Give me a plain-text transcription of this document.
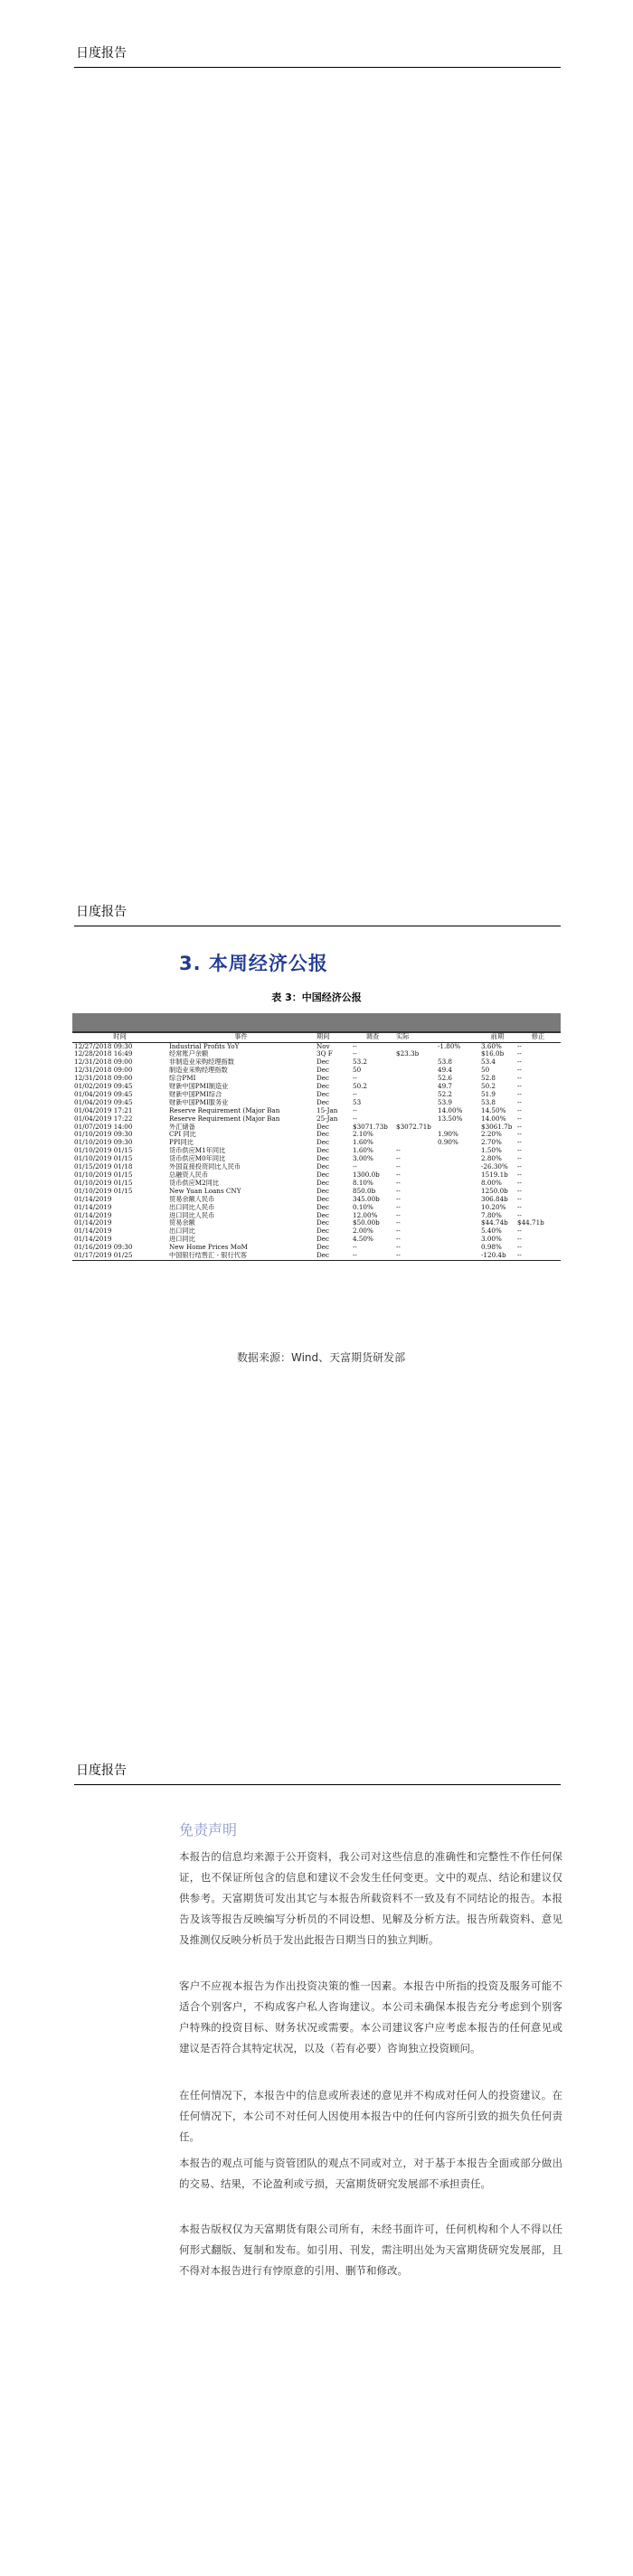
日度报告
日度报告
3. 本周经济公报
表 3：中国经济公报
时间	事件	期间	调查	实际		前期	修正
12/27/2018 09:30	Industrial Profits YoY	Nov	--		-1.80%	3.60%	--
12/28/2018 16:49	经常账户余额	3Q F	--	$23.3b		$16.0b	--
12/31/2018 09:00	非制造业采购经理指数	Dec	53.2		53.8	53.4	--
12/31/2018 09:00	制造业采购经理指数	Dec	50		49.4	50	--
12/31/2018 09:00	综合PMI	Dec	--		52.6	52.8	--
01/02/2019 09:45	财新中国PMI制造业	Dec	50.2		49.7	50.2	--
01/04/2019 09:45	财新中国PMI综合	Dec	--		52.2	51.9	--
01/04/2019 09:45	财新中国PMI服务业	Dec	53		53.9	53.8	--
01/04/2019 17:21	Reserve Requirement (Major Ban	15-Jan	--		14.00%	14.50%	--
01/04/2019 17:22	Reserve Requirement (Major Ban	25-Jan	--		13.50%	14.00%	--
01/07/2019 14:00	外汇储备	Dec	$3071.73b	$3072.71b		$3061.7b	--
01/10/2019 09:30	CPI 同比	Dec	2.10%		1.90%	2.20%	--
01/10/2019 09:30	PPI同比	Dec	1.60%		0.90%	2.70%	--
01/10/2019 01/15	货币供应M1年同比	Dec	1.60%	--		1.50%	--
01/10/2019 01/15	货币供应M0年同比	Dec	3.00%	--		2.80%	--
01/15/2019 01/18	外国直接投资同比人民币	Dec	--	--		-26.30%	--
01/10/2019 01/15	总融资人民币	Dec	1300.0b	--		1519.1b	--
01/10/2019 01/15	货币供应M2同比	Dec	8.10%	--		8.00%	--
01/10/2019 01/15	New Yuan Loans CNY	Dec	850.0b	--		1250.0b	--
01/14/2019	贸易余额人民币	Dec	345.00b	--		306.84b	--
01/14/2019	出口同比人民币	Dec	0.10%	--		10.20%	--
01/14/2019	进口同比人民币	Dec	12.00%	--		7.80%	--
01/14/2019	贸易余额	Dec	$50.00b	--		$44.74b	$44.71b
01/14/2019	出口同比	Dec	2.00%	--		5.40%	--
01/14/2019	进口同比	Dec	4.50%	--		3.00%	--
01/16/2019 09:30	New Home Prices MoM	Dec	--	--		0.98%	--
01/17/2019 01/25	中国银行结售汇 - 银行代客	Dec	--	--		-120.4b	--
数据来源：Wind、天富期货研发部
日度报告
免责声明
本报告的信息均来源于公开资料，我公司对这些信息的准确性和完整性不作任何保证，也不保证所包含的信息和建议不会发生任何变更。文中的观点、结论和建议仅供参考。天富期货可发出其它与本报告所载资料不一致及有不同结论的报告。本报告及该等报告反映编写分析员的不同设想、见解及分析方法。报告所载资料、意见及推测仅反映分析员于发出此报告日期当日的独立判断。
客户不应视本报告为作出投资决策的惟一因素。本报告中所指的投资及服务可能不适合个别客户，不构成客户私人咨询建议。本公司未确保本报告充分考虑到个别客户特殊的投资目标、财务状况或需要。本公司建议客户应考虑本报告的任何意见或建议是否符合其特定状况，以及（若有必要）咨询独立投资顾问。
在任何情况下，本报告中的信息或所表述的意见并不构成对任何人的投资建议。在任何情况下，本公司不对任何人因使用本报告中的任何内容所引致的损失负任何责任。
本报告的观点可能与资管团队的观点不同或对立，对于基于本报告全面或部分做出的交易、结果，不论盈利或亏损，天富期货研究发展部不承担责任。
本报告版权仅为天富期货有限公司所有，未经书面许可，任何机构和个人不得以任何形式翻版、复制和发布。如引用、刊发，需注明出处为天富期货研究发展部，且不得对本报告进行有悖原意的引用、删节和修改。
